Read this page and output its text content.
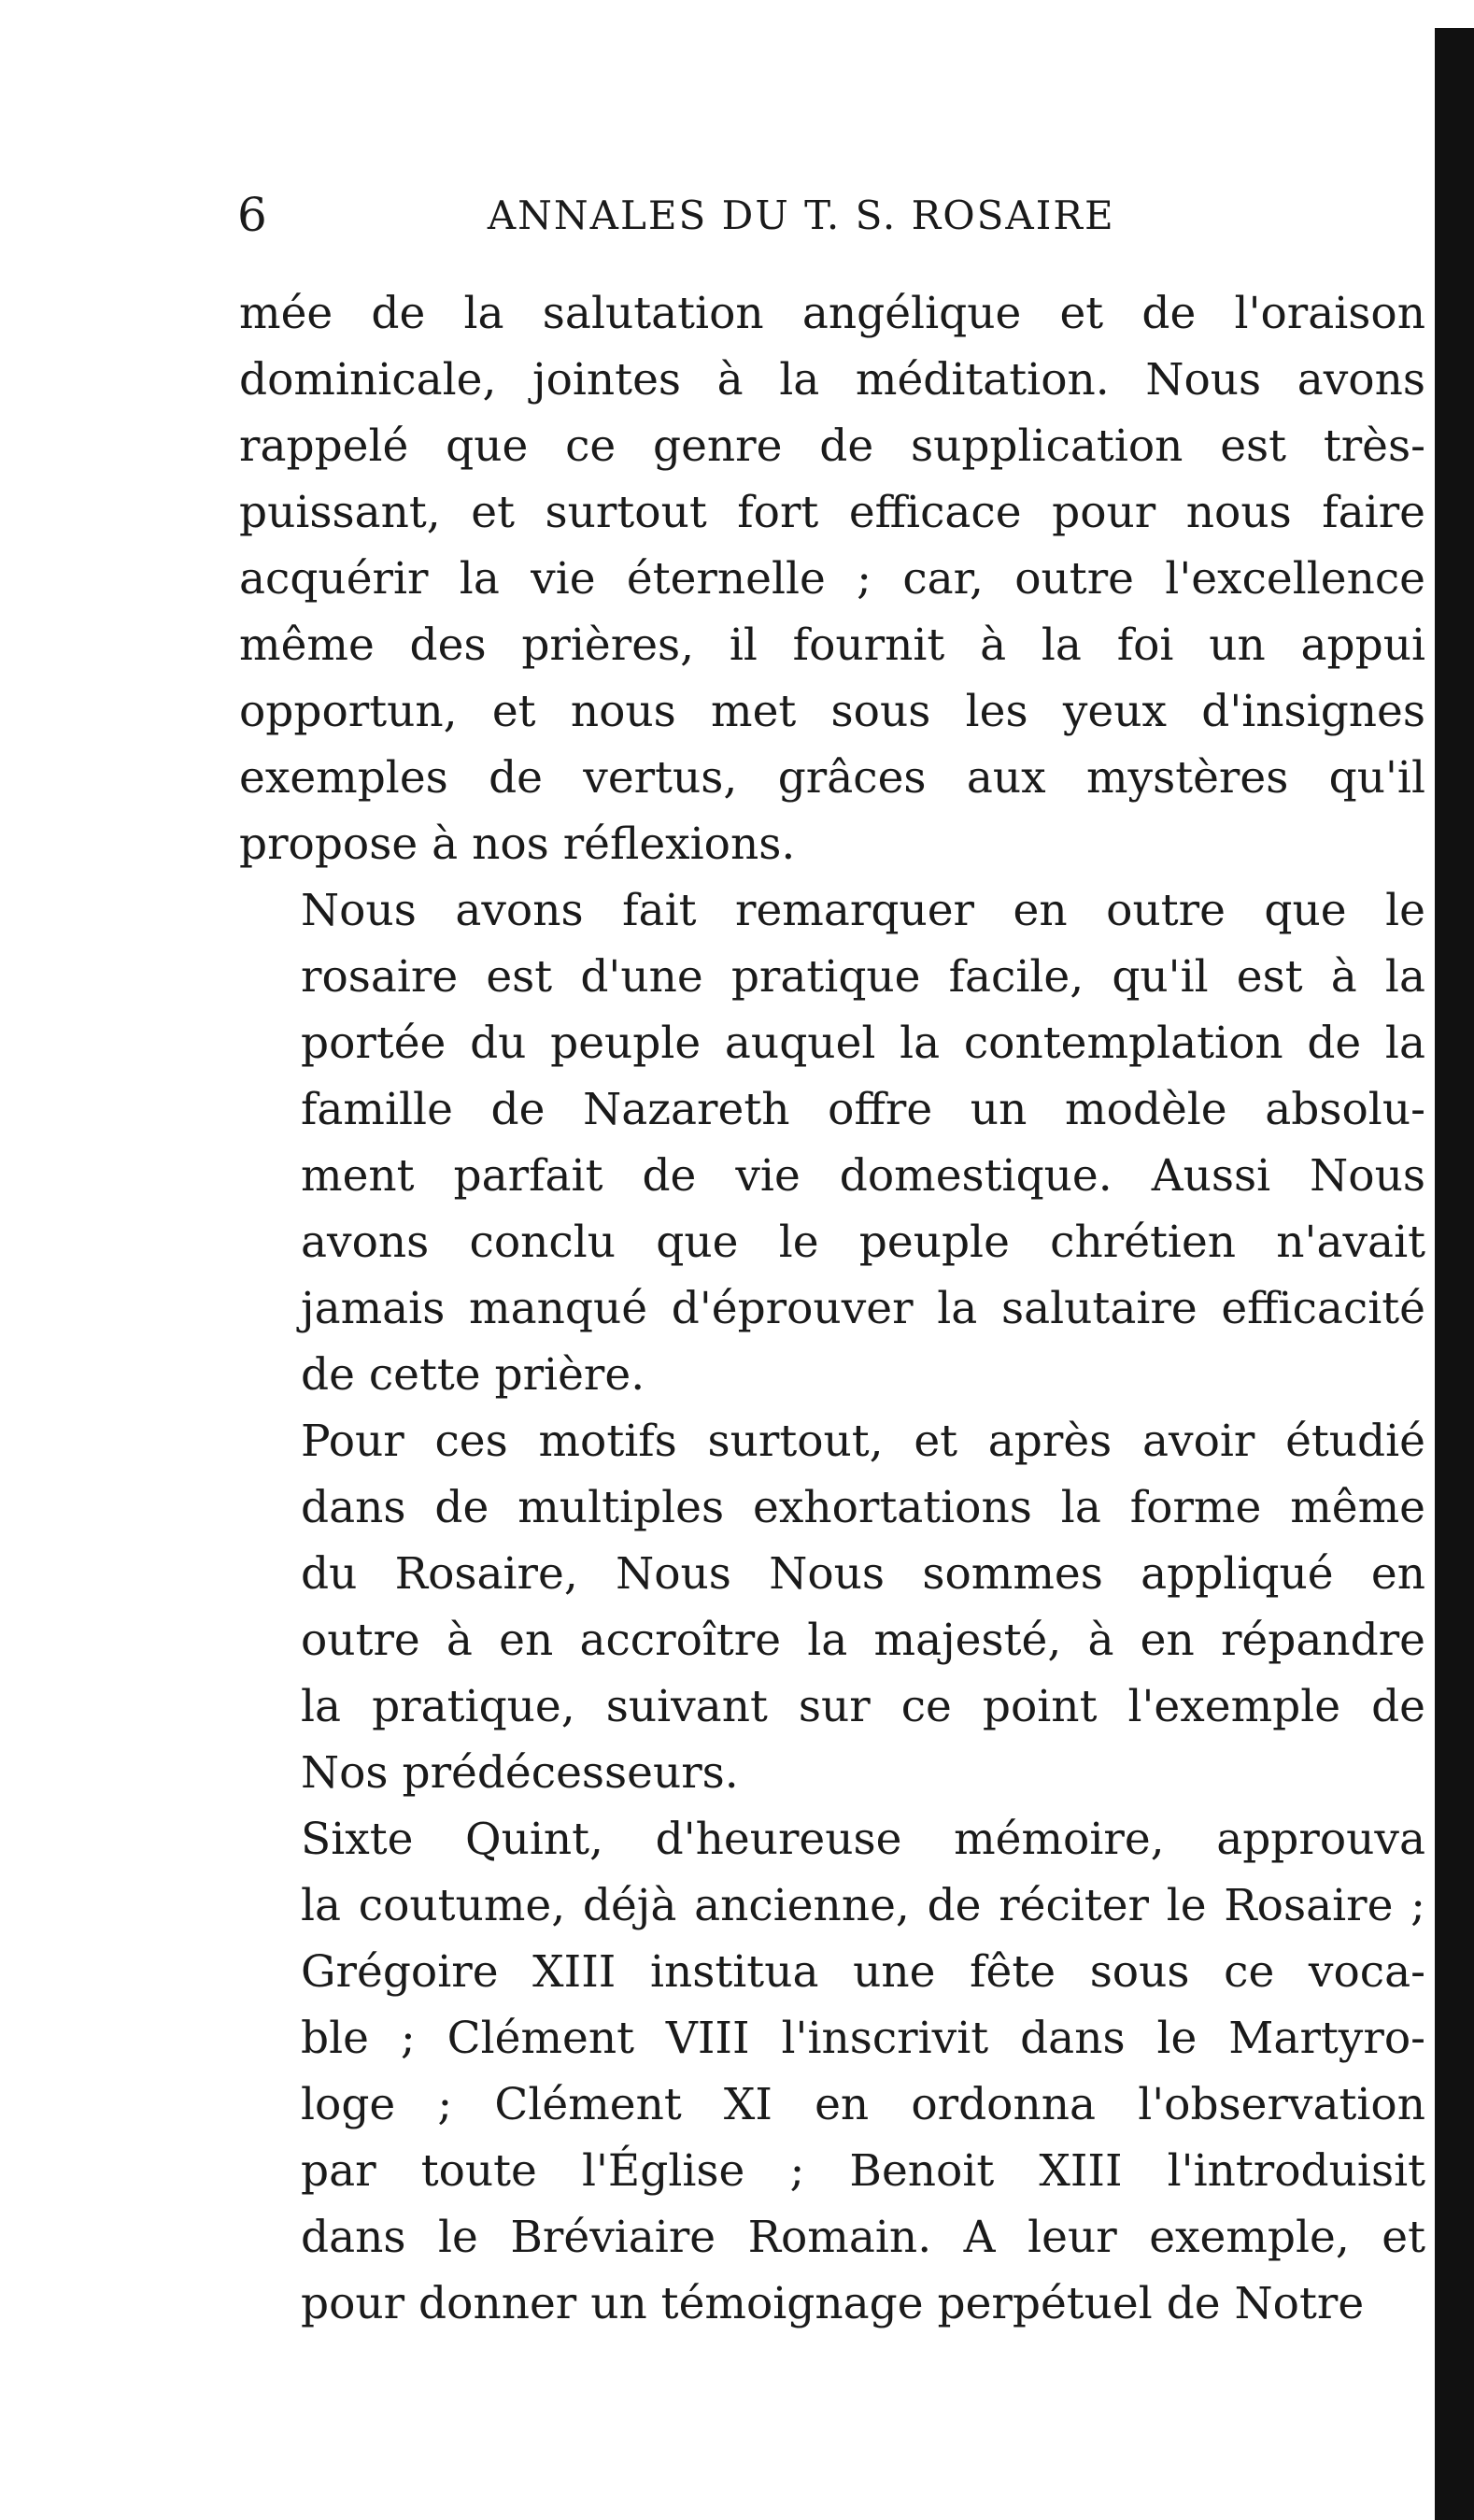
6	ANNALES DU T. S. ROSAIRE

mée de la salutation angélique et de l'oraison
dominicale, jointes à la méditation. Nous avons
rappelé que ce genre de supplication est très-
puissant, et surtout fort efficace pour nous faire
acquérir la vie éternelle ; car, outre l'excellence
même des prières, il fournit à la foi un appui
opportun, et nous met sous les yeux d'insignes
exemples de vertus, grâces aux mystères qu'il
propose à nos réflexions.

Nous avons fait remarquer en outre que le
rosaire est d'une pratique facile, qu'il est à la
portée du peuple auquel la contemplation de la
famille de Nazareth offre un modèle absolu-
ment parfait de vie domestique. Aussi Nous
avons conclu que le peuple chrétien n'avait
jamais manqué d'éprouver la salutaire efficacité
de cette prière.

Pour ces motifs surtout, et après avoir étudié
dans de multiples exhortations la forme même
du Rosaire, Nous Nous sommes appliqué en
outre à en accroître la majesté, à en répandre
la pratique, suivant sur ce point l'exemple de
Nos prédécesseurs.

Sixte Quint, d'heureuse mémoire, approuva
la coutume, déjà ancienne, de réciter le Rosaire ;
Grégoire XIII institua une fête sous ce voca-
ble ; Clément VIII l'inscrivit dans le Martyro-
loge ; Clément XI en ordonna l'observation
par toute l'Église ; Benoit XIII l'introduisit
dans le Bréviaire Romain. A leur exemple, et
pour donner un témoignage perpétuel de Notre
